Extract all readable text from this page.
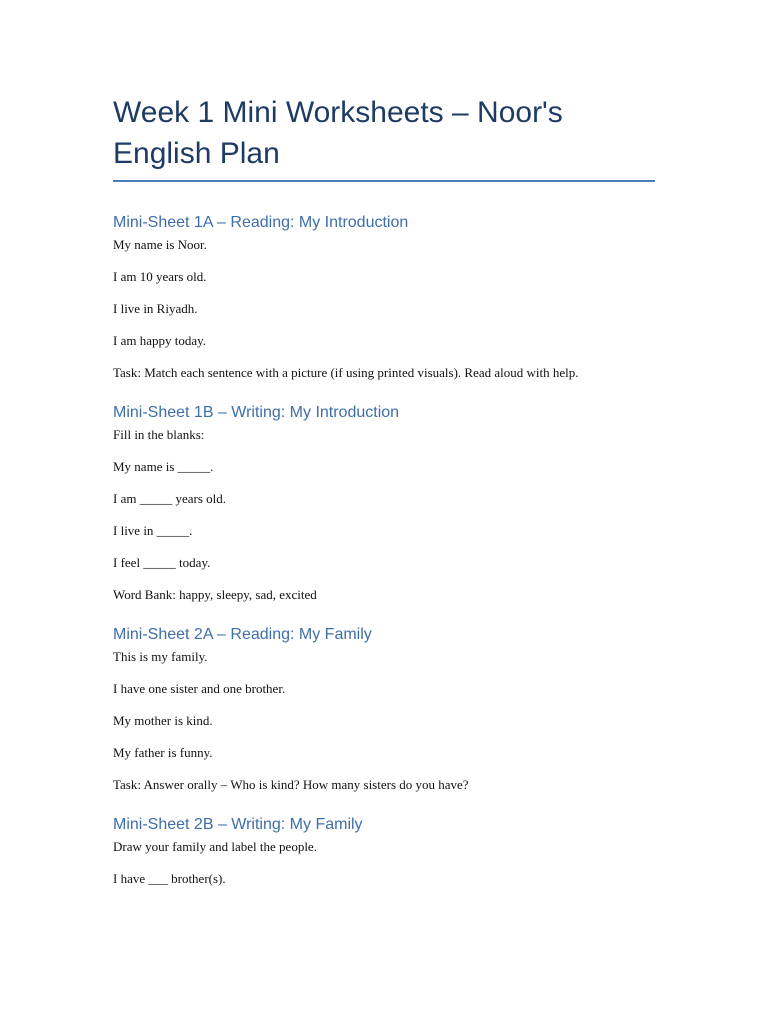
Week 1 Mini Worksheets – Noor's English Plan
Mini-Sheet 1A – Reading: My Introduction

My name is Noor.

I am 10 years old.

I live in Riyadh.

I am happy today.

Task: Match each sentence with a picture (if using printed visuals). Read aloud with help.

Mini-Sheet 1B – Writing: My Introduction

Fill in the blanks:

My name is _____.

I am _____ years old.

I live in _____.

I feel _____ today.

Word Bank: happy, sleepy, sad, excited

Mini-Sheet 2A – Reading: My Family

This is my family.

I have one sister and one brother.

My mother is kind.

My father is funny.

Task: Answer orally – Who is kind? How many sisters do you have?

Mini-Sheet 2B – Writing: My Family

Draw your family and label the people.

I have ___ brother(s).
